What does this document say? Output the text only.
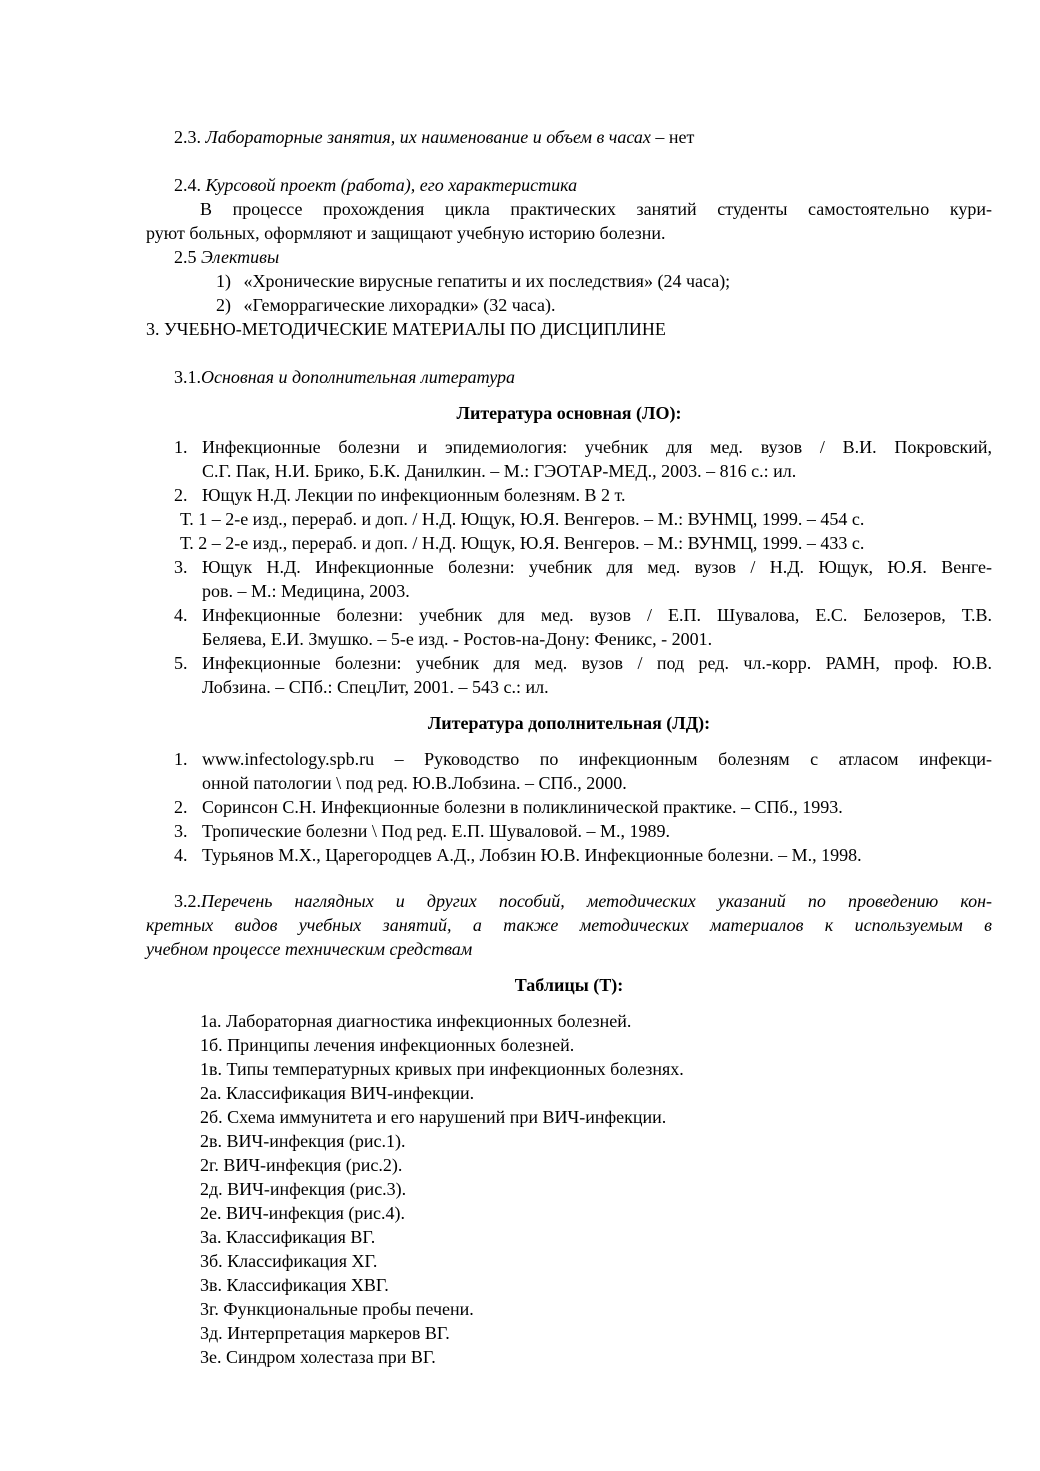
2.3. Лабораторные занятия, их наименование и объем в часах – нет
2.4. Курсовой проект (работа), его характеристика
В процессе прохождения цикла практических занятий студенты самостоятельно кури-
руют больных, оформляют и защищают учебную историю болезни.
2.5 Элективы
1) «Хронические вирусные гепатиты и их последствия» (24 часа);
2) «Геморрагические лихорадки» (32 часа).
3. УЧЕБНО-МЕТОДИЧЕСКИЕ МАТЕРИАЛЫ ПО ДИСЦИПЛИНЕ
3.1.Основная и дополнительная литература
Литература основная (ЛО):
1. Инфекционные болезни и эпидемиология: учебник для мед. вузов / В.И. Покровский,
С.Г. Пак, Н.И. Брико, Б.К. Данилкин. – М.: ГЭОТАР-МЕД., 2003. – 816 с.: ил.
2. Ющук Н.Д. Лекции по инфекционным болезням. В 2 т.
Т. 1 – 2-е изд., перераб. и доп. / Н.Д. Ющук, Ю.Я. Венгеров. – М.: ВУНМЦ, 1999. – 454 с.
Т. 2 – 2-е изд., перераб. и доп. / Н.Д. Ющук, Ю.Я. Венгеров. – М.: ВУНМЦ, 1999. – 433 с.
3. Ющук Н.Д. Инфекционные болезни: учебник для мед. вузов / Н.Д. Ющук, Ю.Я. Венге-
ров. – М.: Медицина, 2003.
4. Инфекционные болезни: учебник для мед. вузов / Е.П. Шувалова, Е.С. Белозеров, Т.В.
Беляева, Е.И. Змушко. – 5-е изд. - Ростов-на-Дону: Феникс, - 2001.
5. Инфекционные болезни: учебник для мед. вузов / под ред. чл.-корр. РАМН, проф. Ю.В.
Лобзина. – СПб.: СпецЛит, 2001. – 543 с.: ил.
Литература дополнительная (ЛД):
1. www.infectology.spb.ru – Руководство по инфекционным болезням с атласом инфекци-
онной патологии \ под ред. Ю.В.Лобзина. – СПб., 2000.
2. Соринсон С.Н. Инфекционные болезни в поликлинической практике. – СПб., 1993.
3. Тропические болезни \ Под ред. Е.П. Шуваловой. – М., 1989.
4. Турьянов М.Х., Царегородцев А.Д., Лобзин Ю.В. Инфекционные болезни. – М., 1998.
3.2.Перечень наглядных и других пособий, методических указаний по проведению кон-
кретных видов учебных занятий, а также методических материалов к используемым в
учебном процессе техническим средствам
Таблицы (Т):
1а. Лабораторная диагностика инфекционных болезней.
1б. Принципы лечения инфекционных болезней.
1в. Типы температурных кривых при инфекционных болезнях.
2а. Классификация ВИЧ-инфекции.
2б. Схема иммунитета и его нарушений при ВИЧ-инфекции.
2в. ВИЧ-инфекция (рис.1).
2г. ВИЧ-инфекция (рис.2).
2д. ВИЧ-инфекция (рис.3).
2е. ВИЧ-инфекция (рис.4).
3а. Классификация ВГ.
3б. Классификация ХГ.
3в. Классификация ХВГ.
3г. Функциональные пробы печени.
3д. Интерпретация маркеров ВГ.
3е. Синдром холестаза при ВГ.
